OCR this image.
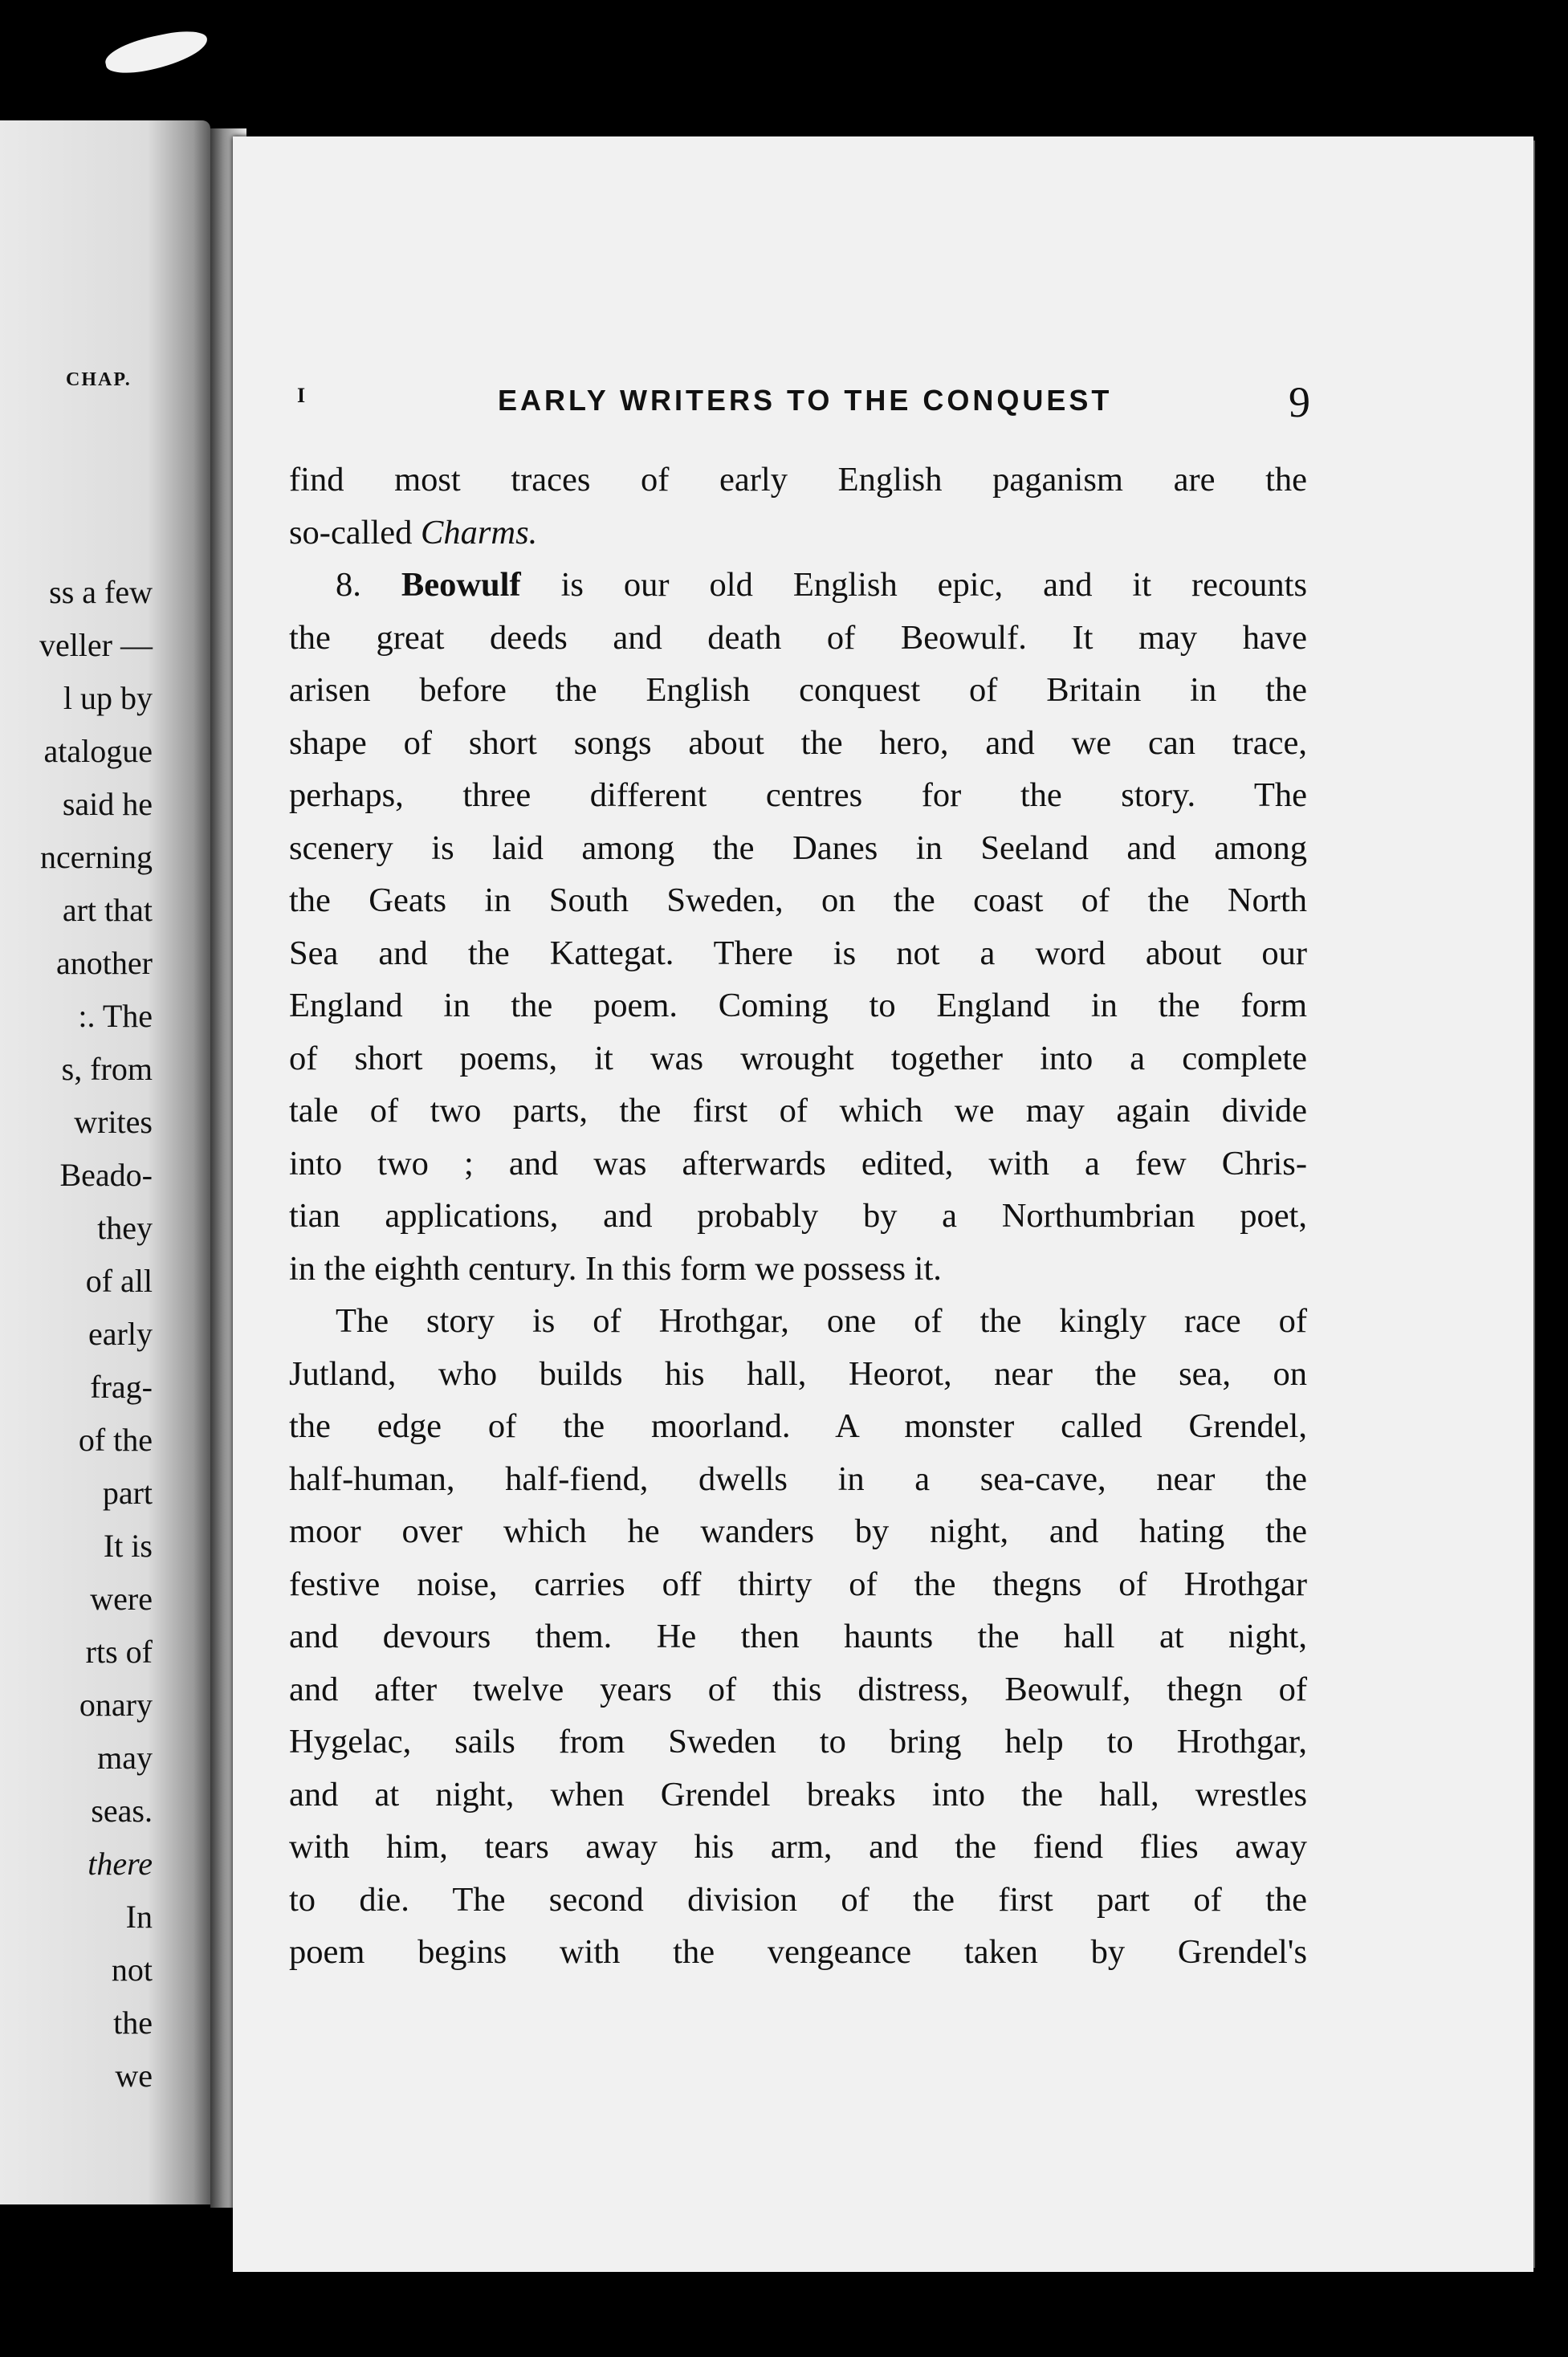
CHAP.
ss a few
veller —
l up by
atalogue
said he
ncerning
art that
another
:. The
s, from
writes
Beado-
they
of all
early
frag-
of the
part
It is
were
rts of
onary
may
seas.
there
In
not
the
we
I	EARLY WRITERS TO THE CONQUEST	9
find most traces of early English paganism are the
so-called Charms.
8. Beowulf is our old English epic, and it recounts
the great deeds and death of Beowulf. It may have
arisen before the English conquest of Britain in the
shape of short songs about the hero, and we can trace,
perhaps, three different centres for the story. The
scenery is laid among the Danes in Seeland and among
the Geats in South Sweden, on the coast of the North
Sea and the Kattegat. There is not a word about our
England in the poem. Coming to England in the form
of short poems, it was wrought together into a complete
tale of two parts, the first of which we may again divide
into two ; and was afterwards edited, with a few Chris-
tian applications, and probably by a Northumbrian poet,
in the eighth century. In this form we possess it.
The story is of Hrothgar, one of the kingly race of
Jutland, who builds his hall, Heorot, near the sea, on
the edge of the moorland. A monster called Grendel,
half-human, half-fiend, dwells in a sea-cave, near the
moor over which he wanders by night, and hating the
festive noise, carries off thirty of the thegns of Hrothgar
and devours them. He then haunts the hall at night,
and after twelve years of this distress, Beowulf, thegn of
Hygelac, sails from Sweden to bring help to Hrothgar,
and at night, when Grendel breaks into the hall, wrestles
with him, tears away his arm, and the fiend flies away
to die. The second division of the first part of the
poem begins with the vengeance taken by Grendel's
